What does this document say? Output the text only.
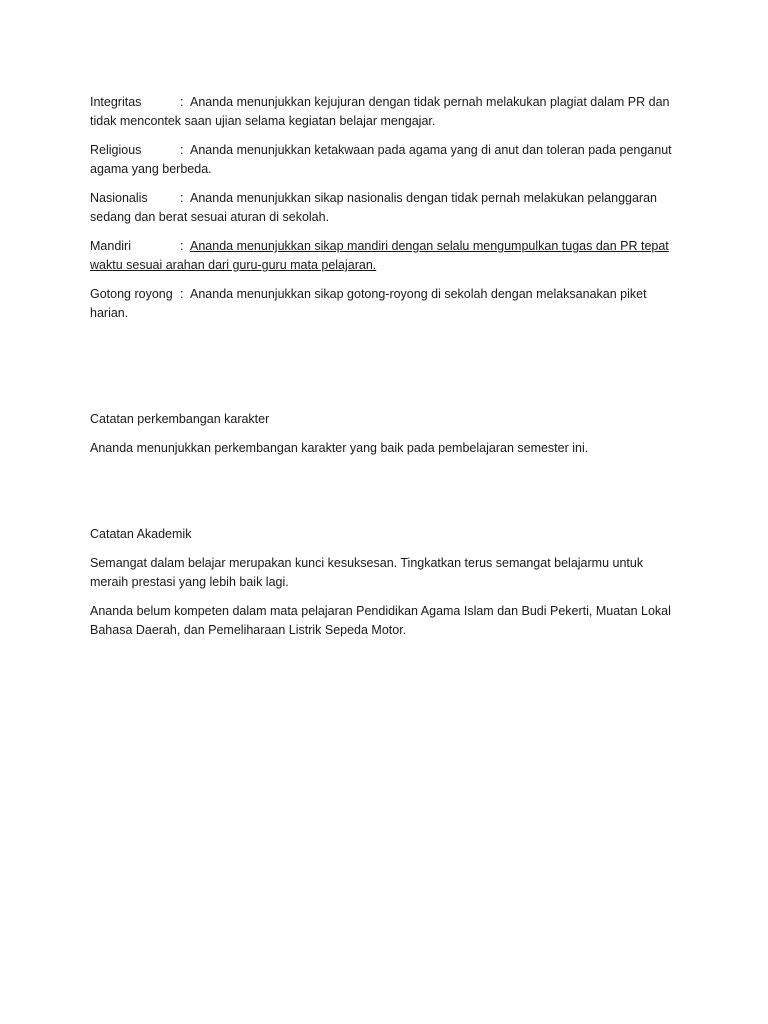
Integritas	: Ananda menunjukkan kejujuran dengan tidak pernah melakukan plagiat dalam PR dan
tidak mencontek saan ujian selama kegiatan belajar mengajar.
Religious	: Ananda menunjukkan ketakwaan pada agama yang di anut dan toleran pada penganut
agama yang berbeda.
Nasionalis	: Ananda menunjukkan sikap nasionalis dengan tidak pernah melakukan pelanggaran
sedang dan berat sesuai aturan di sekolah.
Mandiri	: Ananda menunjukkan sikap mandiri dengan selalu mengumpulkan tugas dan PR tepat
waktu sesuai arahan dari guru-guru mata pelajaran.
Gotong royong : Ananda menunjukkan sikap gotong-royong di sekolah dengan melaksanakan piket
harian.

Catatan perkembangan karakter

Ananda menunjukkan perkembangan karakter yang baik pada pembelajaran semester ini.

Catatan Akademik

Semangat dalam belajar merupakan kunci kesuksesan. Tingkatkan terus semangat belajarmu untuk
meraih prestasi yang lebih baik lagi.
Ananda belum kompeten dalam mata pelajaran Pendidikan Agama Islam dan Budi Pekerti, Muatan Lokal
Bahasa Daerah, dan Pemeliharaan Listrik Sepeda Motor.
